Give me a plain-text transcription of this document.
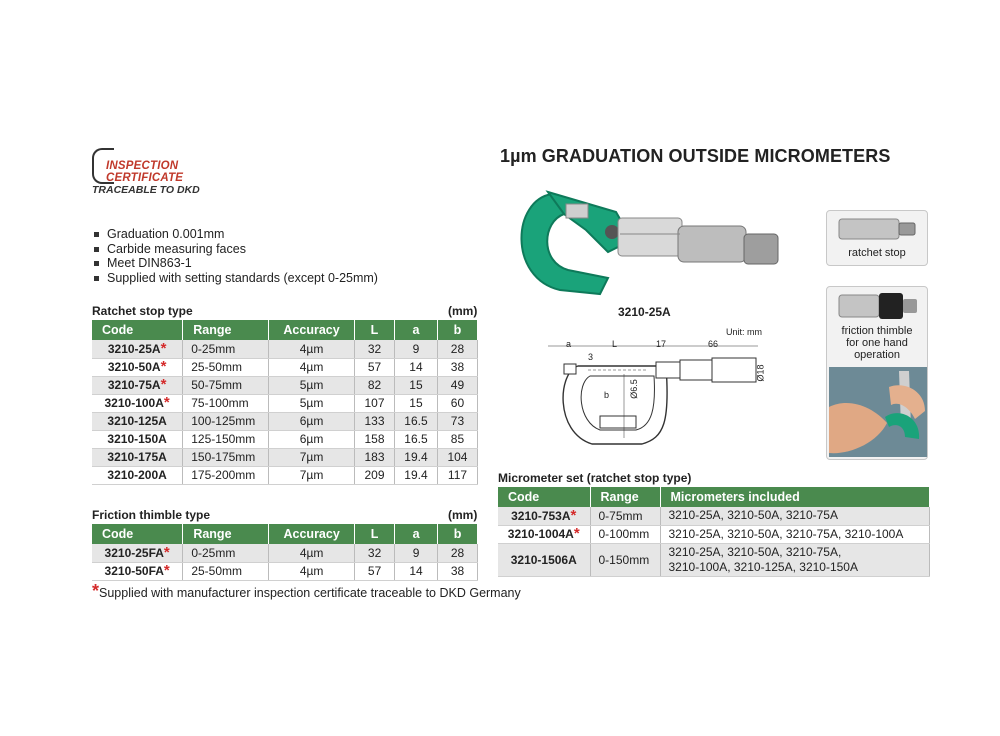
INSPECTION
CERTIFICATE
TRACEABLE TO DKD
1µm GRADUATION OUTSIDE MICROMETERS
Graduation 0.001mm
Carbide measuring faces
Meet DIN863-1
Supplied with setting standards (except 0-25mm)
Ratchet stop type	(mm)
Code	Range	Accuracy	L	a	b
3210-25A*	0-25mm	4µm	32	9	28
3210-50A*	25-50mm	4µm	57	14	38
3210-75A*	50-75mm	5µm	82	15	49
3210-100A*	75-100mm	5µm	107	15	60
3210-125A	100-125mm	6µm	133	16.5	73
3210-150A	125-150mm	6µm	158	16.5	85
3210-175A	150-175mm	7µm	183	19.4	104
3210-200A	175-200mm	7µm	209	19.4	117
Friction thimble type	(mm)
Code	Range	Accuracy	L	a	b
3210-25FA*	0-25mm	4µm	32	9	28
3210-50FA*	25-50mm	4µm	57	14	38
*Supplied with manufacturer inspection certificate traceable to DKD Germany
3210-25A
Unit: mm
a	L	17	66
3
b Ø6.5
Ø18
ratchet stop
friction thimble
for one hand
operation
Micrometer set (ratchet stop type)
Code	Range	Micrometers included
3210-753A*	0-75mm	3210-25A, 3210-50A, 3210-75A

3210-1004A*	0-100mm	3210-25A, 3210-50A, 3210-75A, 3210-100A

3210-1506A	0-150mm	3210-25A, 3210-50A, 3210-75A,
3210-100A, 3210-125A, 3210-150A
